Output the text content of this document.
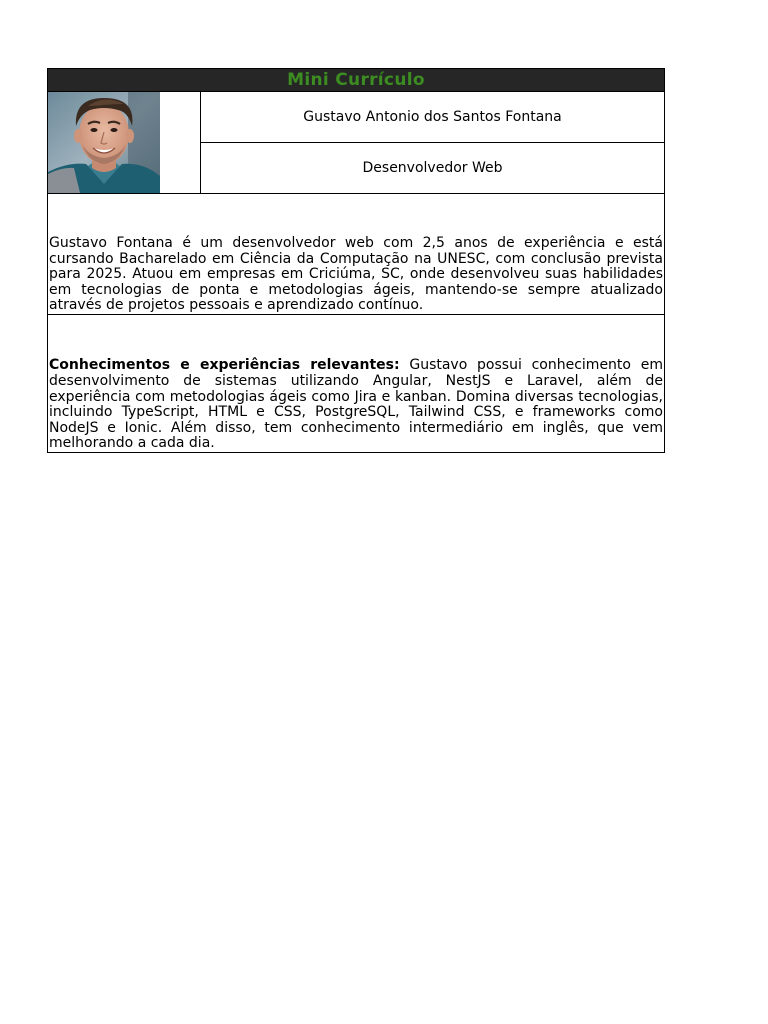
Mini Currículo

	Gustavo Antonio dos Santos Fontana
Desenvolvedor Web

Gustavo Fontana é um desenvolvedor web com 2,5 anos de experiência e está cursando Bacharelado em Ciência da Computação na UNESC, com conclusão prevista para 2025. Atuou em empresas em Criciúma, SC, onde desenvolveu suas habilidades em tecnologias de ponta e metodologias ágeis, mantendo-se sempre atualizado através de projetos pessoais e aprendizado contínuo.

Conhecimentos e experiências relevantes: Gustavo possui conhecimento em desenvolvimento de sistemas utilizando Angular, NestJS e Laravel, além de experiência com metodologias ágeis como Jira e kanban. Domina diversas tecnologias, incluindo TypeScript, HTML e CSS, PostgreSQL, Tailwind CSS, e frameworks como NodeJS e Ionic. Além disso, tem conhecimento intermediário em inglês, que vem melhorando a cada dia.
